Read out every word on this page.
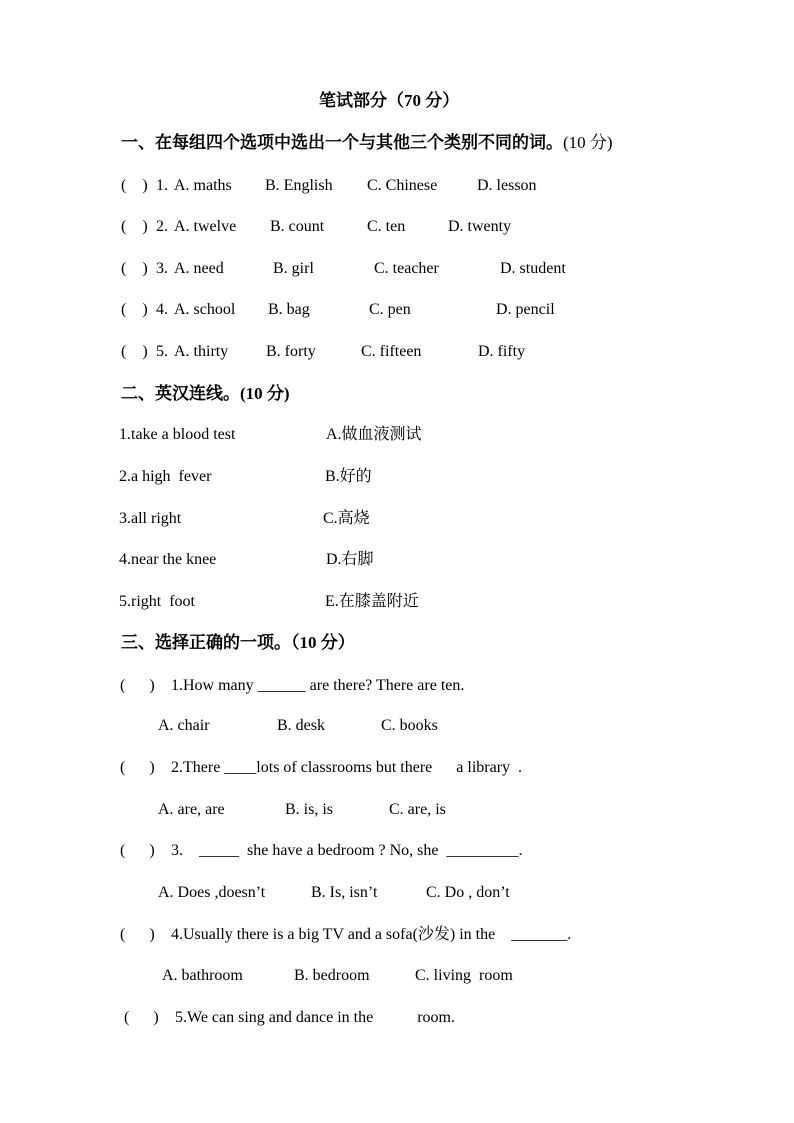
笔试部分（70 分）
一、在每组四个选项中选出一个与其他三个类别不同的词。(10 分)
(    ) 1. A. maths B. English C. Chinese D. lesson
(    ) 2. A. twelve B. count	C. ten	D. twenty
(    ) 3. A. need	B. girl	C. teacher	D. student
(    ) 4. A. school B. bag	C. pen	D. pencil
(    ) 5. A. thirty B. forty	C. fifteen	D. fifty
二、英汉连线。(10 分)
1.take a blood test	A.做血液测试
2.a high  fever	B.好的
3.all right	C.高烧
4.near the knee	D.右脚
5.right  foot	E.在膝盖附近
三、选择正确的一项。（10 分）
(      ) 1.How many ______ are there? There are ten.
A. chair	B. desk	C. books
(      ) 2.There ____lots of classrooms but there      a library  .
A. are, are	B. is, is	C. are, is
(      ) 3.    _____  she have a bedroom ? No, she  _________.
A. Does ,doesn’t	B. Is, isn’t	C. Do , don’t
(      ) 4.Usually there is a big TV and a sofa(沙发) in the    _______.
A. bathroom	B. bedroom	C. living  room
(      ) 5.We can sing and dance in the           room.
